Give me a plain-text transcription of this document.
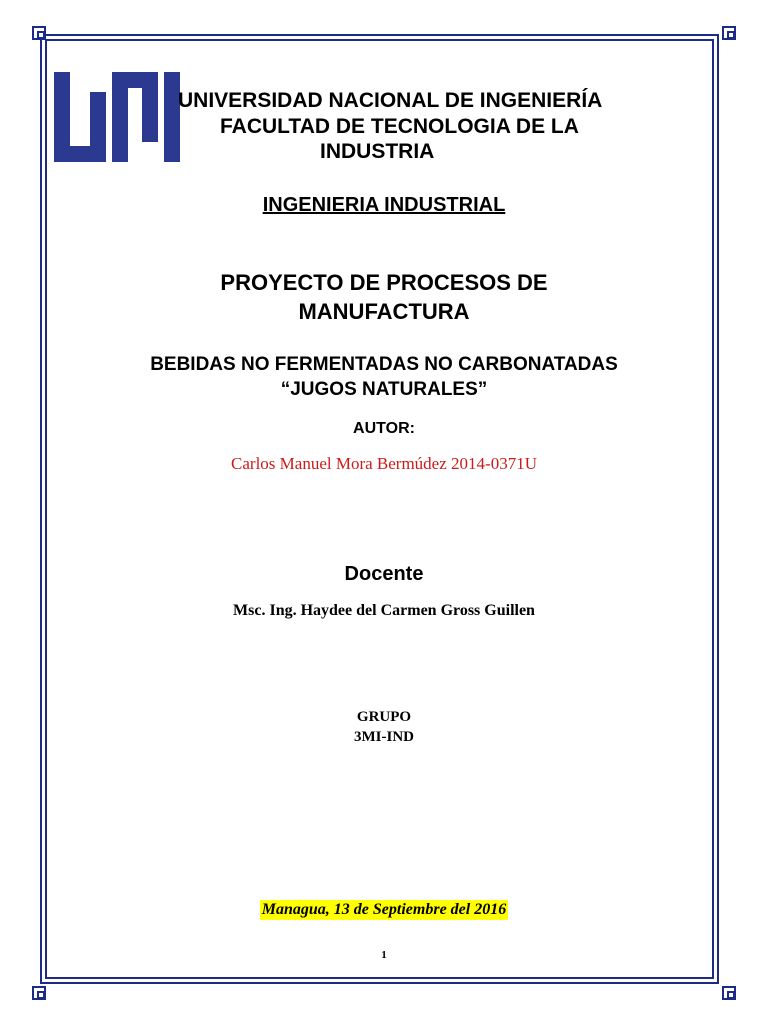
UNIVERSIDAD NACIONAL DE INGENIERÍA
FACULTAD DE TECNOLOGIA DE LA
INDUSTRIA
INGENIERIA INDUSTRIAL
PROYECTO DE PROCESOS DE
MANUFACTURA
BEBIDAS NO FERMENTADAS NO CARBONATADAS
“JUGOS NATURALES”
AUTOR:
Carlos Manuel Mora Bermúdez 2014-0371U
Docente
Msc. Ing. Haydee del Carmen Gross Guillen
GRUPO
3MI-IND
Managua, 13 de Septiembre del 2016
1
